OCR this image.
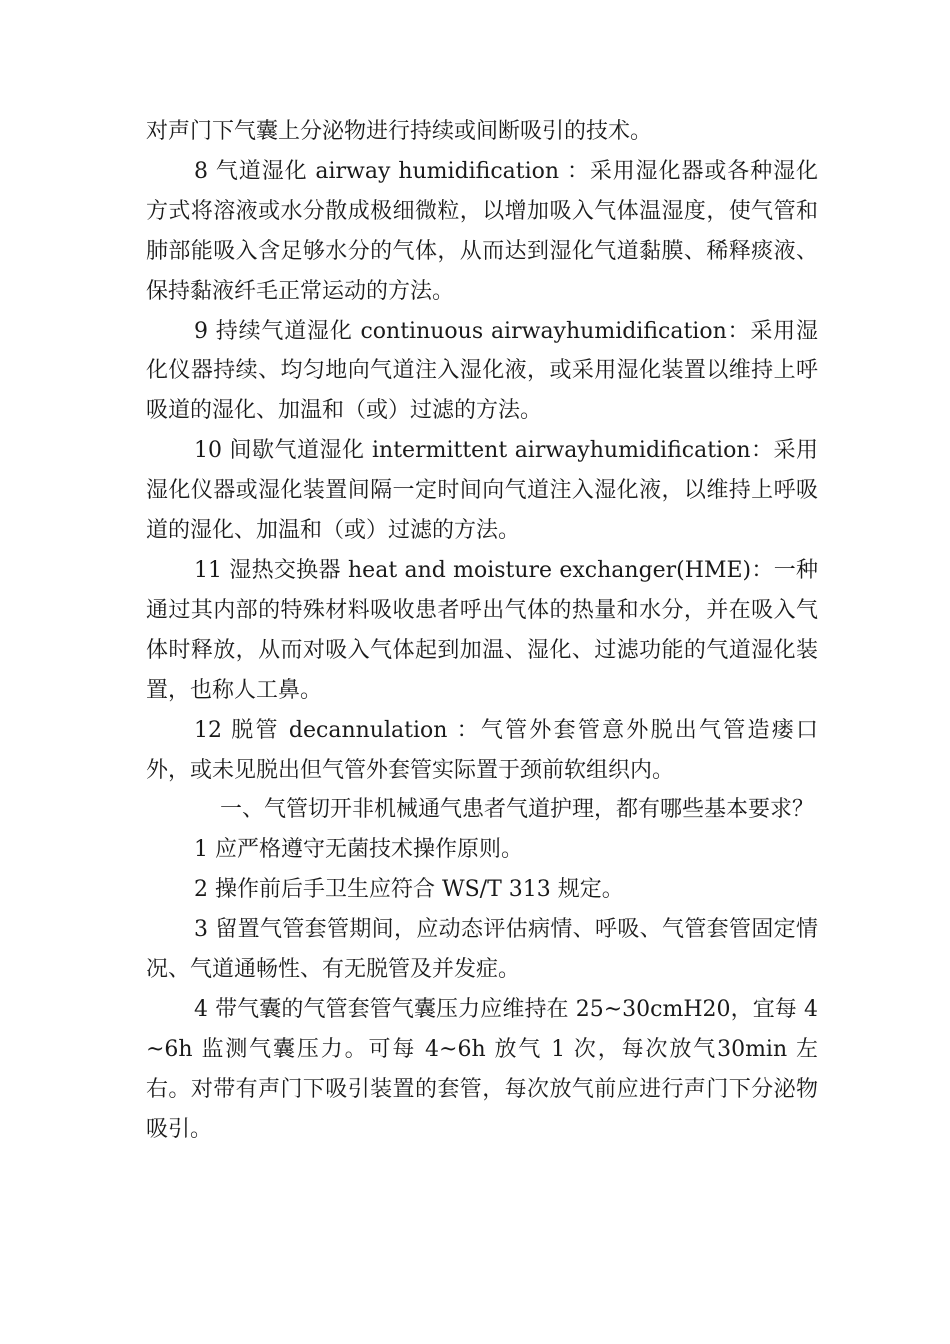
对声门下气囊上分泌物进行持续或间断吸引的技术。

8 气道湿化 airway humidification ：采用湿化器或各种湿化方式将溶液或水分散成极细微粒，以增加吸入气体温湿度，使气管和肺部能吸入含足够水分的气体，从而达到湿化气道黏膜、稀释痰液、保持黏液纤毛正常运动的方法。

9 持续气道湿化 continuous airwayhumidification：采用湿化仪器持续、均匀地向气道注入湿化液，或采用湿化装置以维持上呼吸道的湿化、加温和（或）过滤的方法。

10 间歇气道湿化 intermittent airwayhumidification：采用湿化仪器或湿化装置间隔一定时间向气道注入湿化液，以维持上呼吸道的湿化、加温和（或）过滤的方法。

11 湿热交换器 heat and moisture exchanger(HME)：一种通过其内部的特殊材料吸收患者呼出气体的热量和水分，并在吸入气体时释放，从而对吸入气体起到加温、湿化、过滤功能的气道湿化装置，也称人工鼻。

12 脱管 decannulation ：气管外套管意外脱出气管造瘘口外，或未见脱出但气管外套管实际置于颈前软组织内。

一、气管切开非机械通气患者气道护理，都有哪些基本要求？

1 应严格遵守无菌技术操作原则。

2 操作前后手卫生应符合 WS/T 313 规定。

3 留置气管套管期间，应动态评估病情、呼吸、气管套管固定情况、气道通畅性、有无脱管及并发症。

4 带气囊的气管套管气囊压力应维持在 25~30cmH20，宜每 4~6h 监测气囊压力。可每 4~6h 放气 1 次，每次放气30min 左右。对带有声门下吸引装置的套管，每次放气前应进行声门下分泌物吸引。
